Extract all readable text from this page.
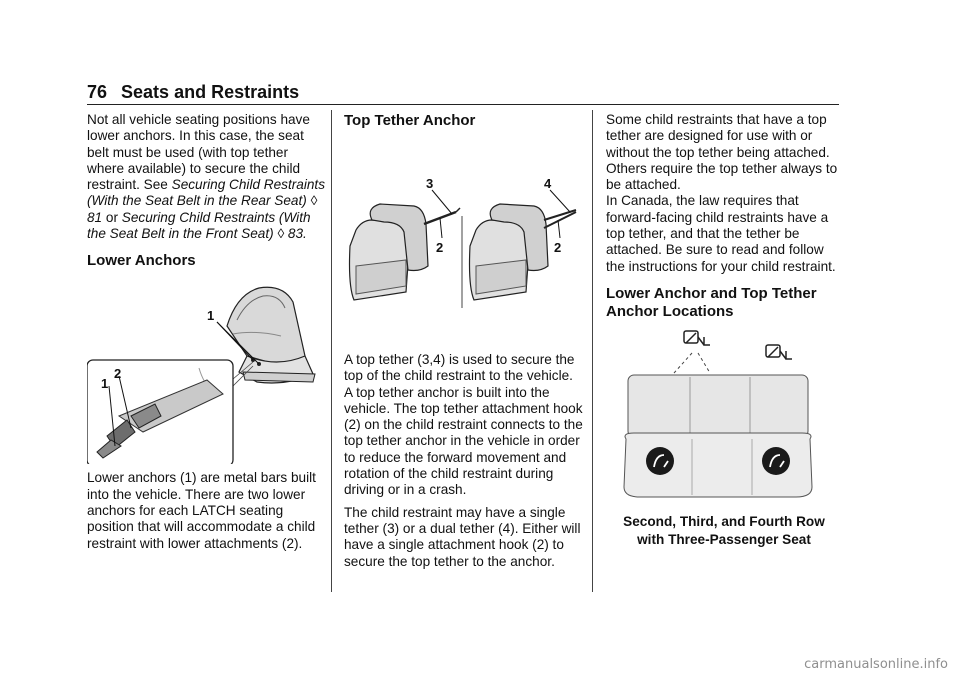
76 Seats and Restraints

Not all vehicle seating positions have lower anchors. In this case, the seat belt must be used (with top tether where available) to secure the child restraint. See Securing Child Restraints (With the Seat Belt in the Rear Seat) ◊ 81 or Securing Child Restraints (With the Seat Belt in the Front Seat) ◊ 83.

Lower Anchors
1
1
2

Lower anchors (1) are metal bars built into the vehicle. There are two lower anchors for each LATCH seating position that will accommodate a child restraint with lower attachments (2).

Top Tether Anchor
3
2
4
2

A top tether (3,4) is used to secure the top of the child restraint to the vehicle. A top tether anchor is built into the vehicle. The top tether attachment hook (2) on the child restraint connects to the top tether anchor in the vehicle in order to reduce the forward movement and rotation of the child restraint during driving or in a crash.

The child restraint may have a single tether (3) or a dual tether (4). Either will have a single attachment hook (2) to secure the top tether to the anchor.

Some child restraints that have a top tether are designed for use with or without the top tether being attached. Others require the top tether always to be attached.

In Canada, the law requires that forward-facing child restraints have a top tether, and that the tether be attached. Be sure to read and follow the instructions for your child restraint.

Lower Anchor and Top Tether Anchor Locations
Second, Third, and Fourth Row
with Three-Passenger Seat
carmanualsonline.info
